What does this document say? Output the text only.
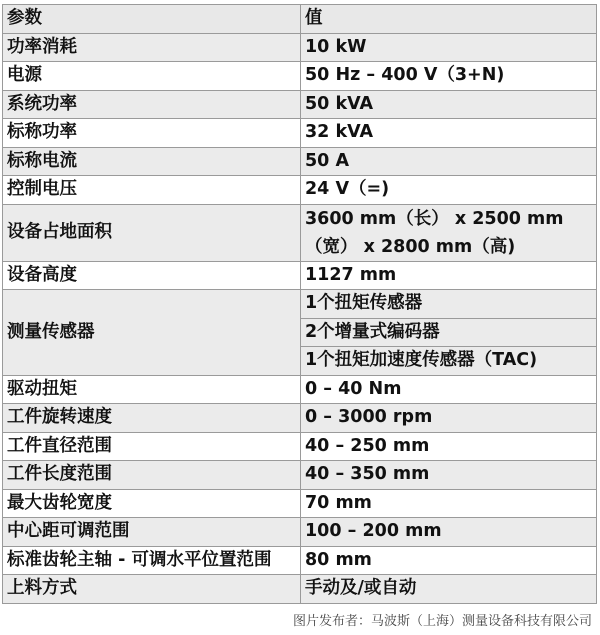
参数	值
功率消耗	10 kW
电源	50 Hz – 400 V（3+N)
系统功率	50 kVA
标称功率	32 kVA
标称电流	50 A
控制电压	24 V（=)
设备占地面积	3600 mm（长） x 2500 mm
（宽） x 2800 mm（高)

设备高度	1127 mm
测量传感器	1个扭矩传感器
	2个增量式编码器
	1个扭矩加速度传感器（TAC)
驱动扭矩	0 – 40 Nm
工件旋转速度	0 – 3000 rpm
工件直径范围	40 – 250 mm
工件长度范围	40 – 350 mm
最大齿轮宽度	70 mm
中心距可调范围	100 – 200 mm
标准齿轮主轴 - 可调水平位置范围	80 mm
上料方式	手动及/或自动
图片发布者：马波斯（上海）测量设备科技有限公司
